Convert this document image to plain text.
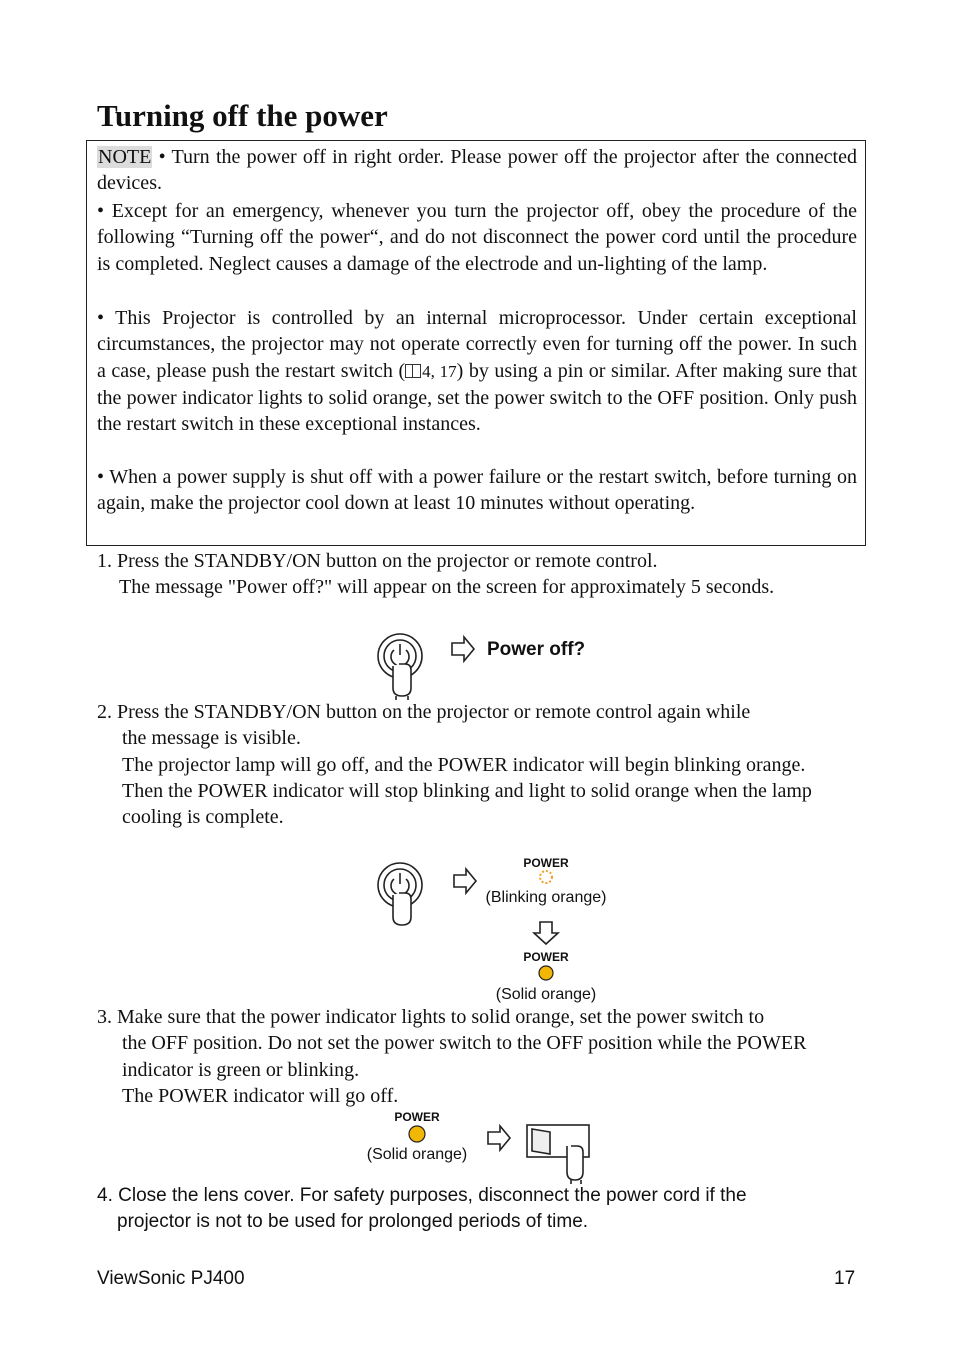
Turning off the power

NOTE • Turn the power off in right order. Please power off the projector after the connected devices.

• Except for an emergency, whenever you turn the projector off, obey the procedure of the following “Turning off the power“, and do not disconnect the power cord until the procedure is completed. Neglect causes a damage of the electrode and un-lighting of the lamp.

• This Projector is controlled by an internal microprocessor. Under certain exceptional circumstances, the projector may not operate correctly even for turning off the power. In such a case, please push the restart switch ( 4, 17) by using a pin or similar. After making sure that the power indicator lights to solid orange, set the power switch to the OFF position. Only push the restart switch in these exceptional instances.

• When a power supply is shut off with a power failure or the restart switch, before turning on again, make the projector cool down at least 10 minutes without operating.

1. Press the STANDBY/ON button on the projector or remote control.
The message "Power off?" will appear on the screen for approximately 5 seconds.

Power off?

2. Press the STANDBY/ON button on the projector or remote control again while
the message is visible.
The projector lamp will go off, and the POWER indicator will begin blinking orange.
Then the POWER indicator will stop blinking and light to solid orange when the lamp cooling is complete.

POWER
(Blinking orange)
POWER
(Solid orange)

3. Make sure that the power indicator lights to solid orange, set the power switch to
the OFF position. Do not set the power switch to the OFF position while the POWER indicator is green or blinking.
The POWER indicator will go off.

POWER
(Solid orange)

4. Close the lens cover. For safety purposes, disconnect the power cord if the
projector is not to be used for prolonged periods of time.

ViewSonic PJ400	17
